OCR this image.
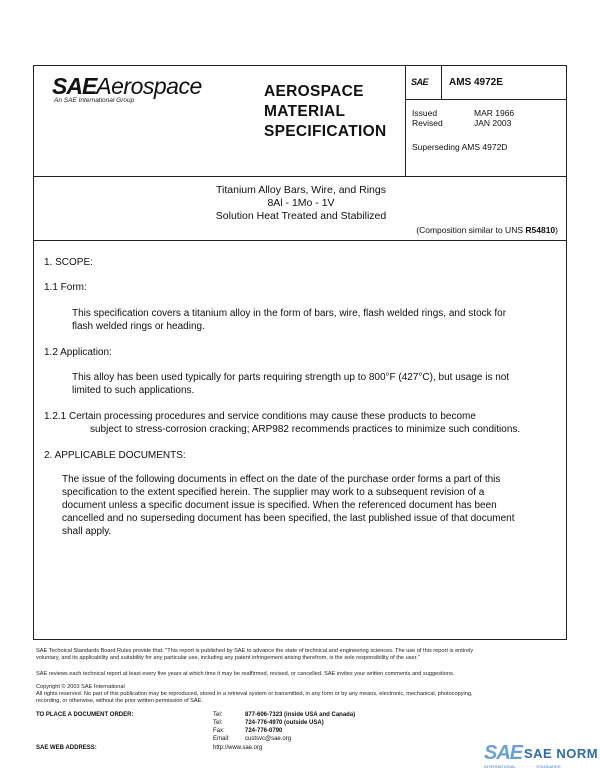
SAEAerospace
An SAE International Group
AEROSPACE
MATERIAL
SPECIFICATION
SAE AMS 4972E
Issued	MAR 1966
Revised	JAN 2003
Superseding AMS 4972D
Titanium Alloy Bars, Wire, and Rings
8Al - 1Mo - 1V
Solution Heat Treated and Stabilized
(Composition similar to UNS R54810)
1. SCOPE:
1.1 Form:
This specification covers a titanium alloy in the form of bars, wire, flash welded rings, and stock for
flash welded rings or heading.
1.2 Application:
This alloy has been used typically for parts requiring strength up to 800°F (427°C), but usage is not
limited to such applications.
1.2.1 Certain processing procedures and service conditions may cause these products to become
subject to stress-corrosion cracking; ARP982 recommends practices to minimize such conditions.
2. APPLICABLE DOCUMENTS:
The issue of the following documents in effect on the date of the purchase order forms a part of this
specification to the extent specified herein. The supplier may work to a subsequent revision of a
document unless a specific document issue is specified. When the referenced document has been
cancelled and no superseding document has been specified, the last published issue of that document
shall apply.
SAE Technical Standards Board Rules provide that: "This report is published by SAE to advance the state of technical and engineering sciences. The use of this report is entirely
voluntary, and its applicability and suitability for any particular use, including any patent infringement arising therefrom, is the sole responsibility of the user."
SAE reviews each technical report at least every five years at which time it may be reaffirmed, revised, or cancelled. SAE invites your written comments and suggestions.
Copyright © 2003 SAE International
All rights reserved. No part of this publication may be reproduced, stored in a retrieval system or transmitted, in any form or by any means, electronic, mechanical, photocopying,
recording, or otherwise, without the prior written permission of SAE.
TO PLACE A DOCUMENT ORDER:	Tel:	877-606-7323 (inside USA and Canada)
Tel:	724-776-4970 (outside USA)
Fax:	724-776-0790
Email:	custsvc@sae.org
SAE WEB ADDRESS:	http://www.sae.org	SAE SAE NORM
INTERNATIONAL · · · · · · · · STANDARDS
